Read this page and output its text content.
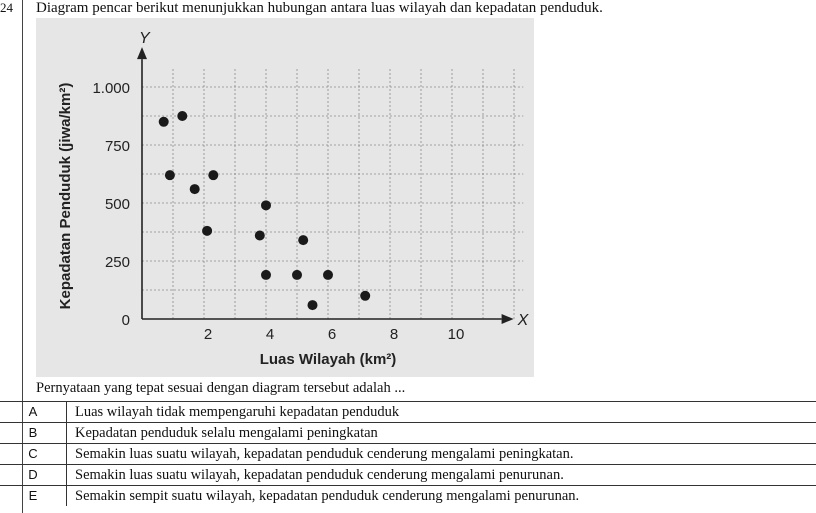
24 Diagram pencar berikut menunjukkan hubungan antara luas wilayah dan kepadatan penduduk.
Y
X
0
250
500
750
1.000
2	4	6	8	10
Luas Wilayah (km²)
Kepadatan Penduduk (jiwa/km²)
Pernyataan yang tepat sesuai dengan diagram tersebut adalah ...
A	Luas wilayah tidak mempengaruhi kepadatan penduduk
B	Kepadatan penduduk selalu mengalami peningkatan
C	Semakin luas suatu wilayah, kepadatan penduduk cenderung mengalami peningkatan.
D	Semakin luas suatu wilayah, kepadatan penduduk cenderung mengalami penurunan.
E	Semakin sempit suatu wilayah, kepadatan penduduk cenderung mengalami penurunan.
